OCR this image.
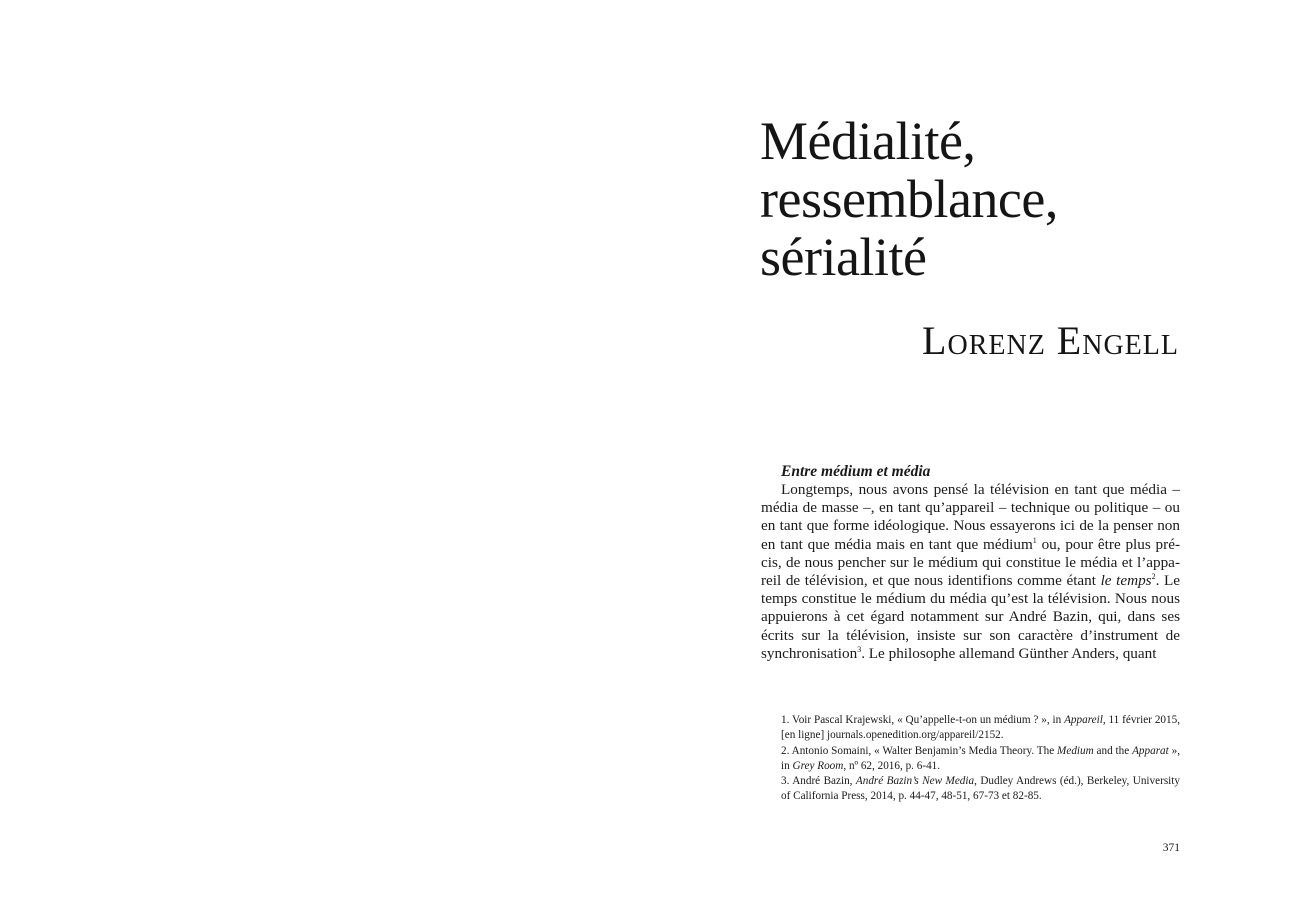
Médialité,
ressemblance,
sérialité

Lorenz Engell

Entre médium et média

Longtemps, nous avons pensé la télévision en tant que média – média de masse –, en tant qu’appareil – technique ou politique – ou en tant que forme idéologique. Nous essayerons ici de la penser non en tant que média mais en tant que médium$^1$ ou, pour être plus précis, de nous pencher sur le médium qui constitue le média et l’appareil de télévision, et que nous identifions comme étant le temps$^2$. Le temps constitue le médium du média qu’est la télévision. Nous nous appuierons à cet égard notamment sur André Bazin, qui, dans ses écrits sur la télévision, insiste sur son caractère d’instrument de synchronisation$^3$. Le philosophe allemand Günther Anders, quant

1. Voir Pascal Krajewski, « Qu’appelle-t-on un médium ? », in Appareil, 11 février 2015, [en ligne] journals.openedition.org/appareil/2152.

2. Antonio Somaini, « Walter Benjamin’s Media Theory. The Medium and the Apparat », in Grey Room, nº 62, 2016, p. 6-41.

3. André Bazin, André Bazin’s New Media, Dudley Andrews (éd.), Berkeley, University of California Press, 2014, p. 44-47, 48-51, 67-73 et 82-85.

371
